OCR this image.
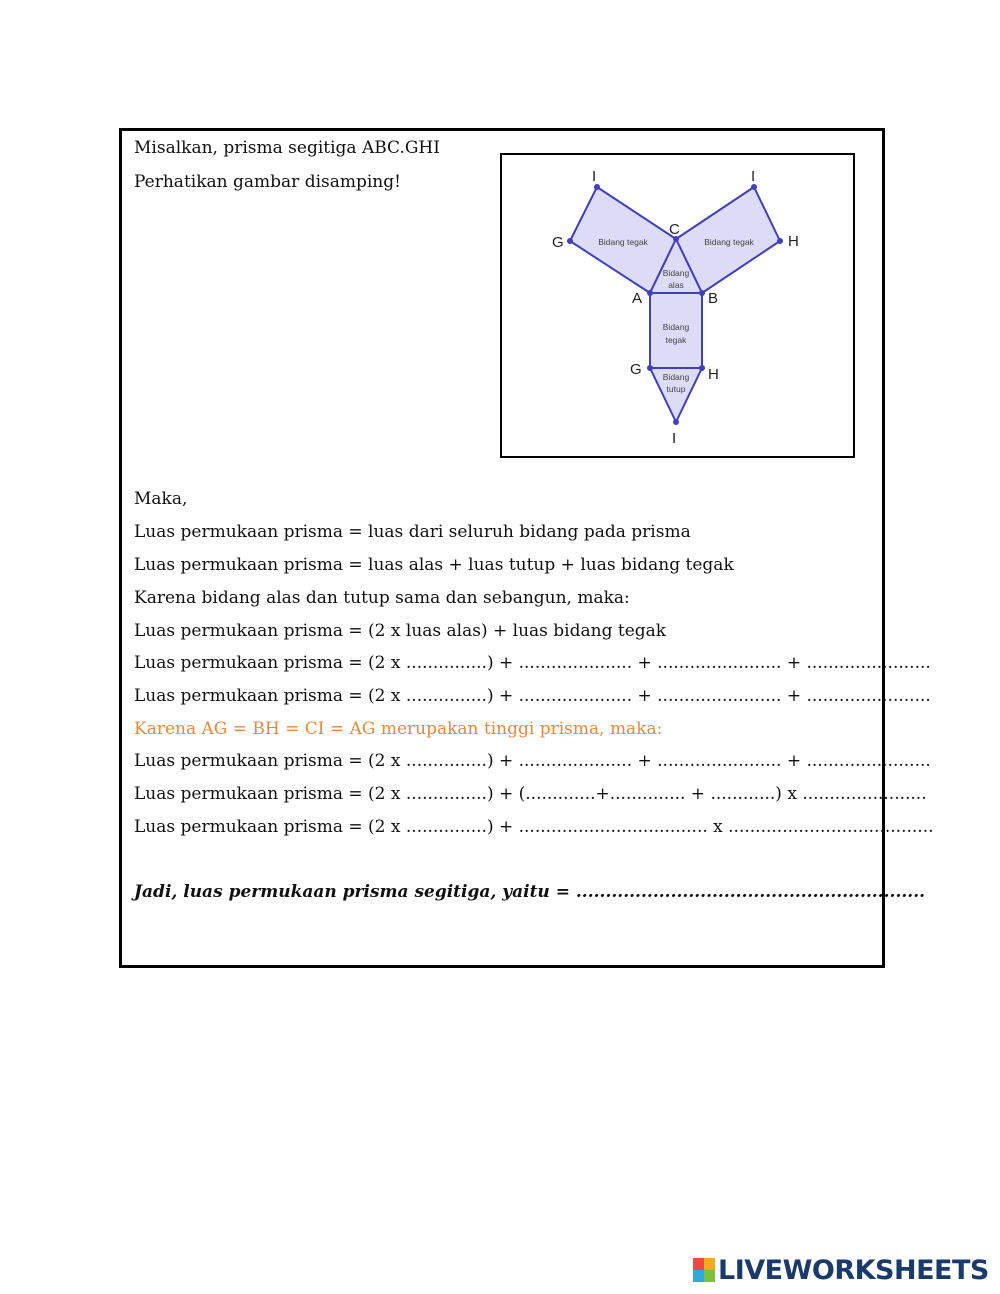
Misalkan, prisma segitiga ABC.GHI
Perhatikan gambar disamping!	I	I
G	H
C
A	B
G	H
I
Bidang tegak	Bidang tegak
Bidang
alas
Bidang
tegak
Bidang
tutup
Maka,
Luas permukaan prisma = luas dari seluruh bidang pada prisma
Luas permukaan prisma = luas alas + luas tutup + luas bidang tegak
Karena bidang alas dan tutup sama dan sebangun, maka:
Luas permukaan prisma = (2 x luas alas) + luas bidang tegak
Luas permukaan prisma = (2 x ...............) + ..................... + ....................... + .......................
Luas permukaan prisma = (2 x ...............) + ..................... + ....................... + .......................
Karena AG = BH = CI = AG merupakan tinggi prisma, maka:
Luas permukaan prisma = (2 x ...............) + ..................... + ....................... + .......................
Luas permukaan prisma = (2 x ...............) + (.............+.............. + ............) x .......................
Luas permukaan prisma = (2 x ...............) + ................................... x ......................................
Jadi, luas permukaan prisma segitiga, yaitu = ...........................................................
LIVEWORKSHEETS
